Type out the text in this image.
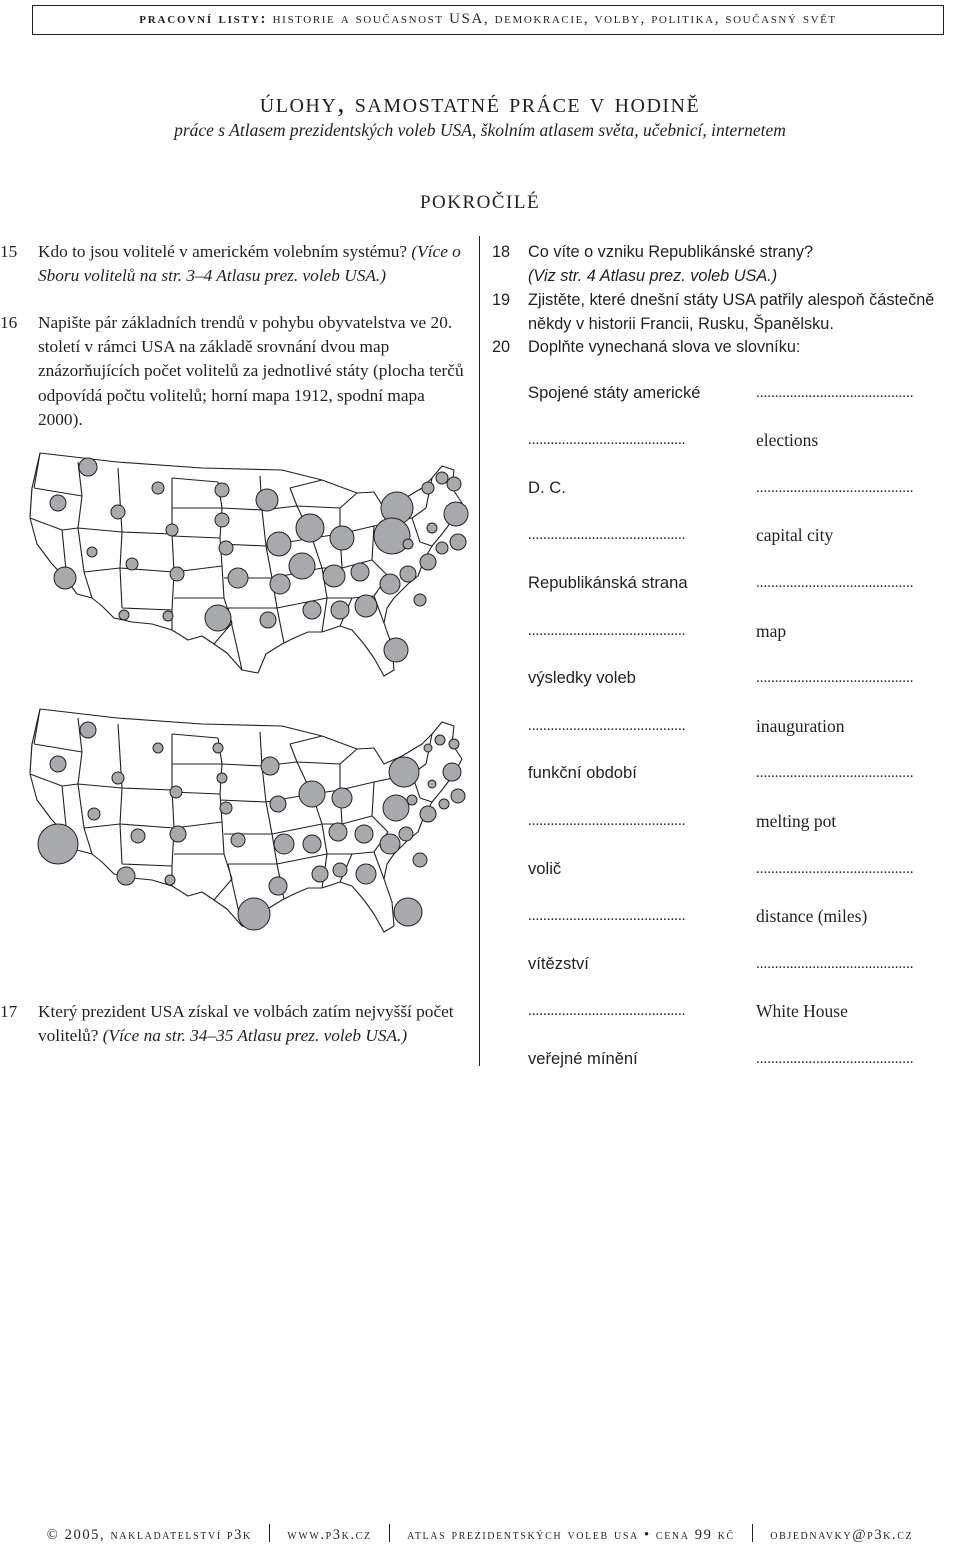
pracovní listy: historie a současnost USA, demokracie, volby, politika, současný svět
úlohy, samostatné práce v hodině
práce s Atlasem prezidentských voleb USA, školním atlasem světa, učebnicí, internetem
pokročilé
15 Kdo to jsou volitelé v americkém volebním systému? (Více o Sboru volitelů na str. 3–4 Atlasu prez. voleb USA.)
16 Napište pár základních trendů v pohybu obyvatelstva ve 20. století v rámci USA na základě srovnání dvou map znázorňujících počet volitelů za jednotlivé státy (plocha terčů odpovídá počtu volitelů; horní mapa 1912, spodní mapa 2000).
17 Který prezident USA získal ve volbách zatím nejvyšší počet volitelů? (Více na str. 34–35 Atlasu prez. voleb USA.)
18 Co víte o vzniku Republikánské strany?
(Viz str. 4 Atlasu prez. voleb USA.)
19 Zjistěte, které dnešní státy USA patřily alespoň částečně někdy v historii Francii, Rusku, Španělsku.
20 Doplňte vynechaná slova ve slovníku:
Spojené státy americké	..........................................
..........................................	elections
D. C.	..........................................
..........................................	capital city
Republikánská strana	..........................................
..........................................	map
výsledky voleb	..........................................
..........................................	inauguration
funkční období	..........................................
..........................................	melting pot
volič	..........................................
..........................................	distance (miles)
vítězství	..........................................
..........................................	White House
veřejné mínění	..........................................
© 2005, nakladatelství p3k www.p3k.cz atlas prezidentských voleb usa • cena 99 kč objednavky@p3k.cz
